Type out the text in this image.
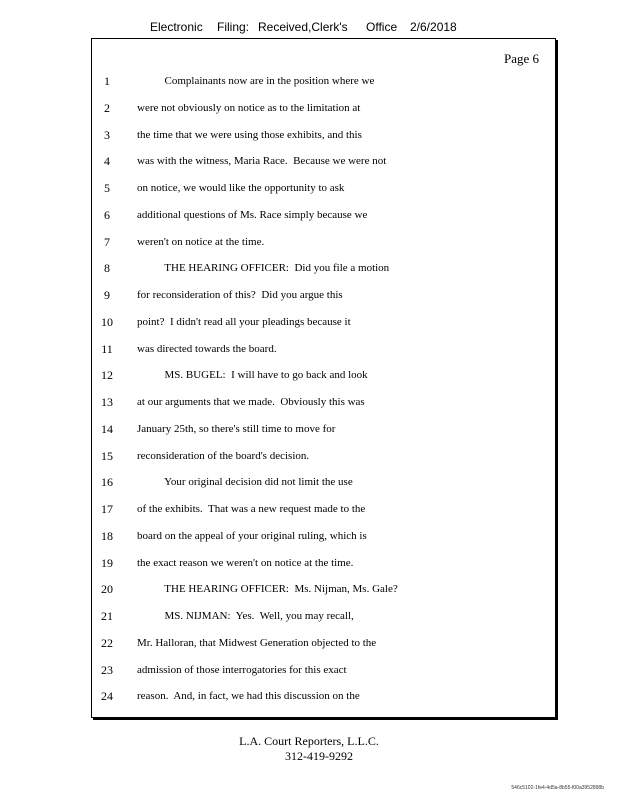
Electronic Filing: Received,Clerk's Office 2/6/2018
Page 6
1	Complainants now are in the position where we
2	were not obviously on notice as to the limitation at
3	the time that we were using those exhibits, and this
4	was with the witness, Maria Race.  Because we were not
5	on notice, we would like the opportunity to ask
6	additional questions of Ms. Race simply because we
7	weren't on notice at the time.
8	THE HEARING OFFICER:  Did you file a motion
9	for reconsideration of this?  Did you argue this
10	point?  I didn't read all your pleadings because it
11	was directed towards the board.
12	MS. BUGEL:  I will have to go back and look
13	at our arguments that we made.  Obviously this was
14	January 25th, so there's still time to move for
15	reconsideration of the board's decision.
16	Your original decision did not limit the use
17	of the exhibits.  That was a new request made to the
18	board on the appeal of your original ruling, which is
19	the exact reason we weren't on notice at the time.
20	THE HEARING OFFICER:  Ms. Nijman, Ms. Gale?
21	MS. NIJMAN:  Yes.  Well, you may recall,
22	Mr. Halloran, that Midwest Generation objected to the
23	admission of those interrogatories for this exact
24	reason.  And, in fact, we had this discussion on the
L.A. Court Reporters, L.L.C.
312-419-9292
546c5102-1fe4-4d5a-8b55-f00a3952898b
